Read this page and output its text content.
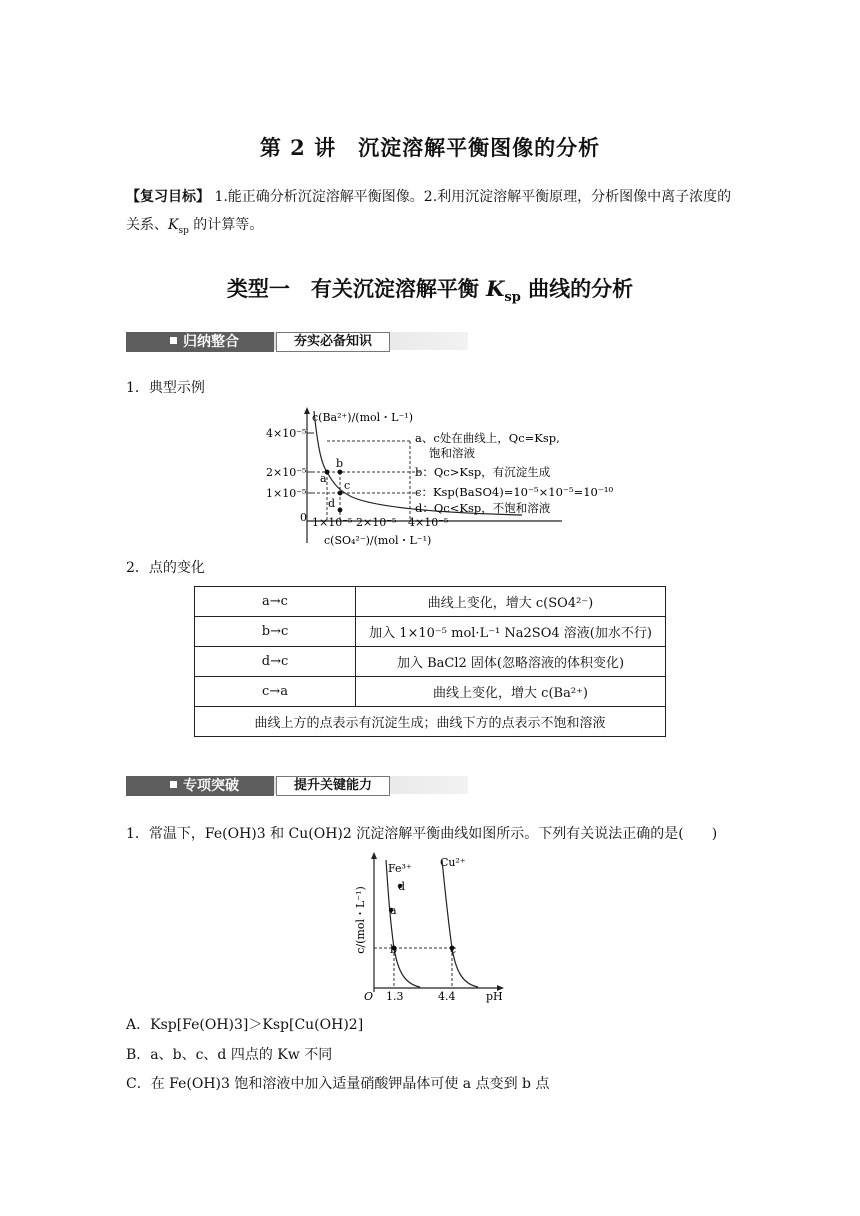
第 2 讲　沉淀溶解平衡图像的分析
【复习目标】 1.能正确分析沉淀溶解平衡图像。2.利用沉淀溶解平衡原理，分析图像中离子浓度的关系、$K_{sp}$ 的计算等。
类型一　有关沉淀溶解平衡 $K_{sp}$ 曲线的分析
归纳整合	夯实必备知识
1．典型示例
c(Ba²⁺)/(mol・L⁻¹)
4×10⁻⁵
2×10⁻⁵
1×10⁻⁵
0
a
b
c
d
1×10⁻⁵ 2×10⁻⁵ 4×10⁻⁵
c(SO₄²⁻)/(mol・L⁻¹)
a、c处在曲线上，Qc=Ksp,
饱和溶液
b：Qc>Ksp，有沉淀生成
c：Ksp(BaSO4)=10⁻⁵×10⁻⁵=10⁻¹⁰
d：Qc<Ksp，不饱和溶液
2．点的变化
a→c	曲线上变化，增大 c(SO4²⁻)
b→c	加入 1×10⁻⁵ mol·L⁻¹ Na2SO4 溶液(加水不行)
d→c	加入 BaCl2 固体(忽略溶液的体积变化)
c→a	曲线上变化，增大 c(Ba²⁺)
曲线上方的点表示有沉淀生成；曲线下方的点表示不饱和溶液	
专项突破	提升关键能力
1．常温下，Fe(OH)3 和 Cu(OH)2 沉淀溶解平衡曲线如图所示。下列有关说法正确的是(　　)
c/(mol・L⁻¹)
O 1.3	4.4	pH
Fe³⁺	Cu²⁺
b	c
a
d
A．Ksp[Fe(OH)3]＞Ksp[Cu(OH)2]
B．a、b、c、d 四点的 Kw 不同
C．在 Fe(OH)3 饱和溶液中加入适量硝酸钾晶体可使 a 点变到 b 点
